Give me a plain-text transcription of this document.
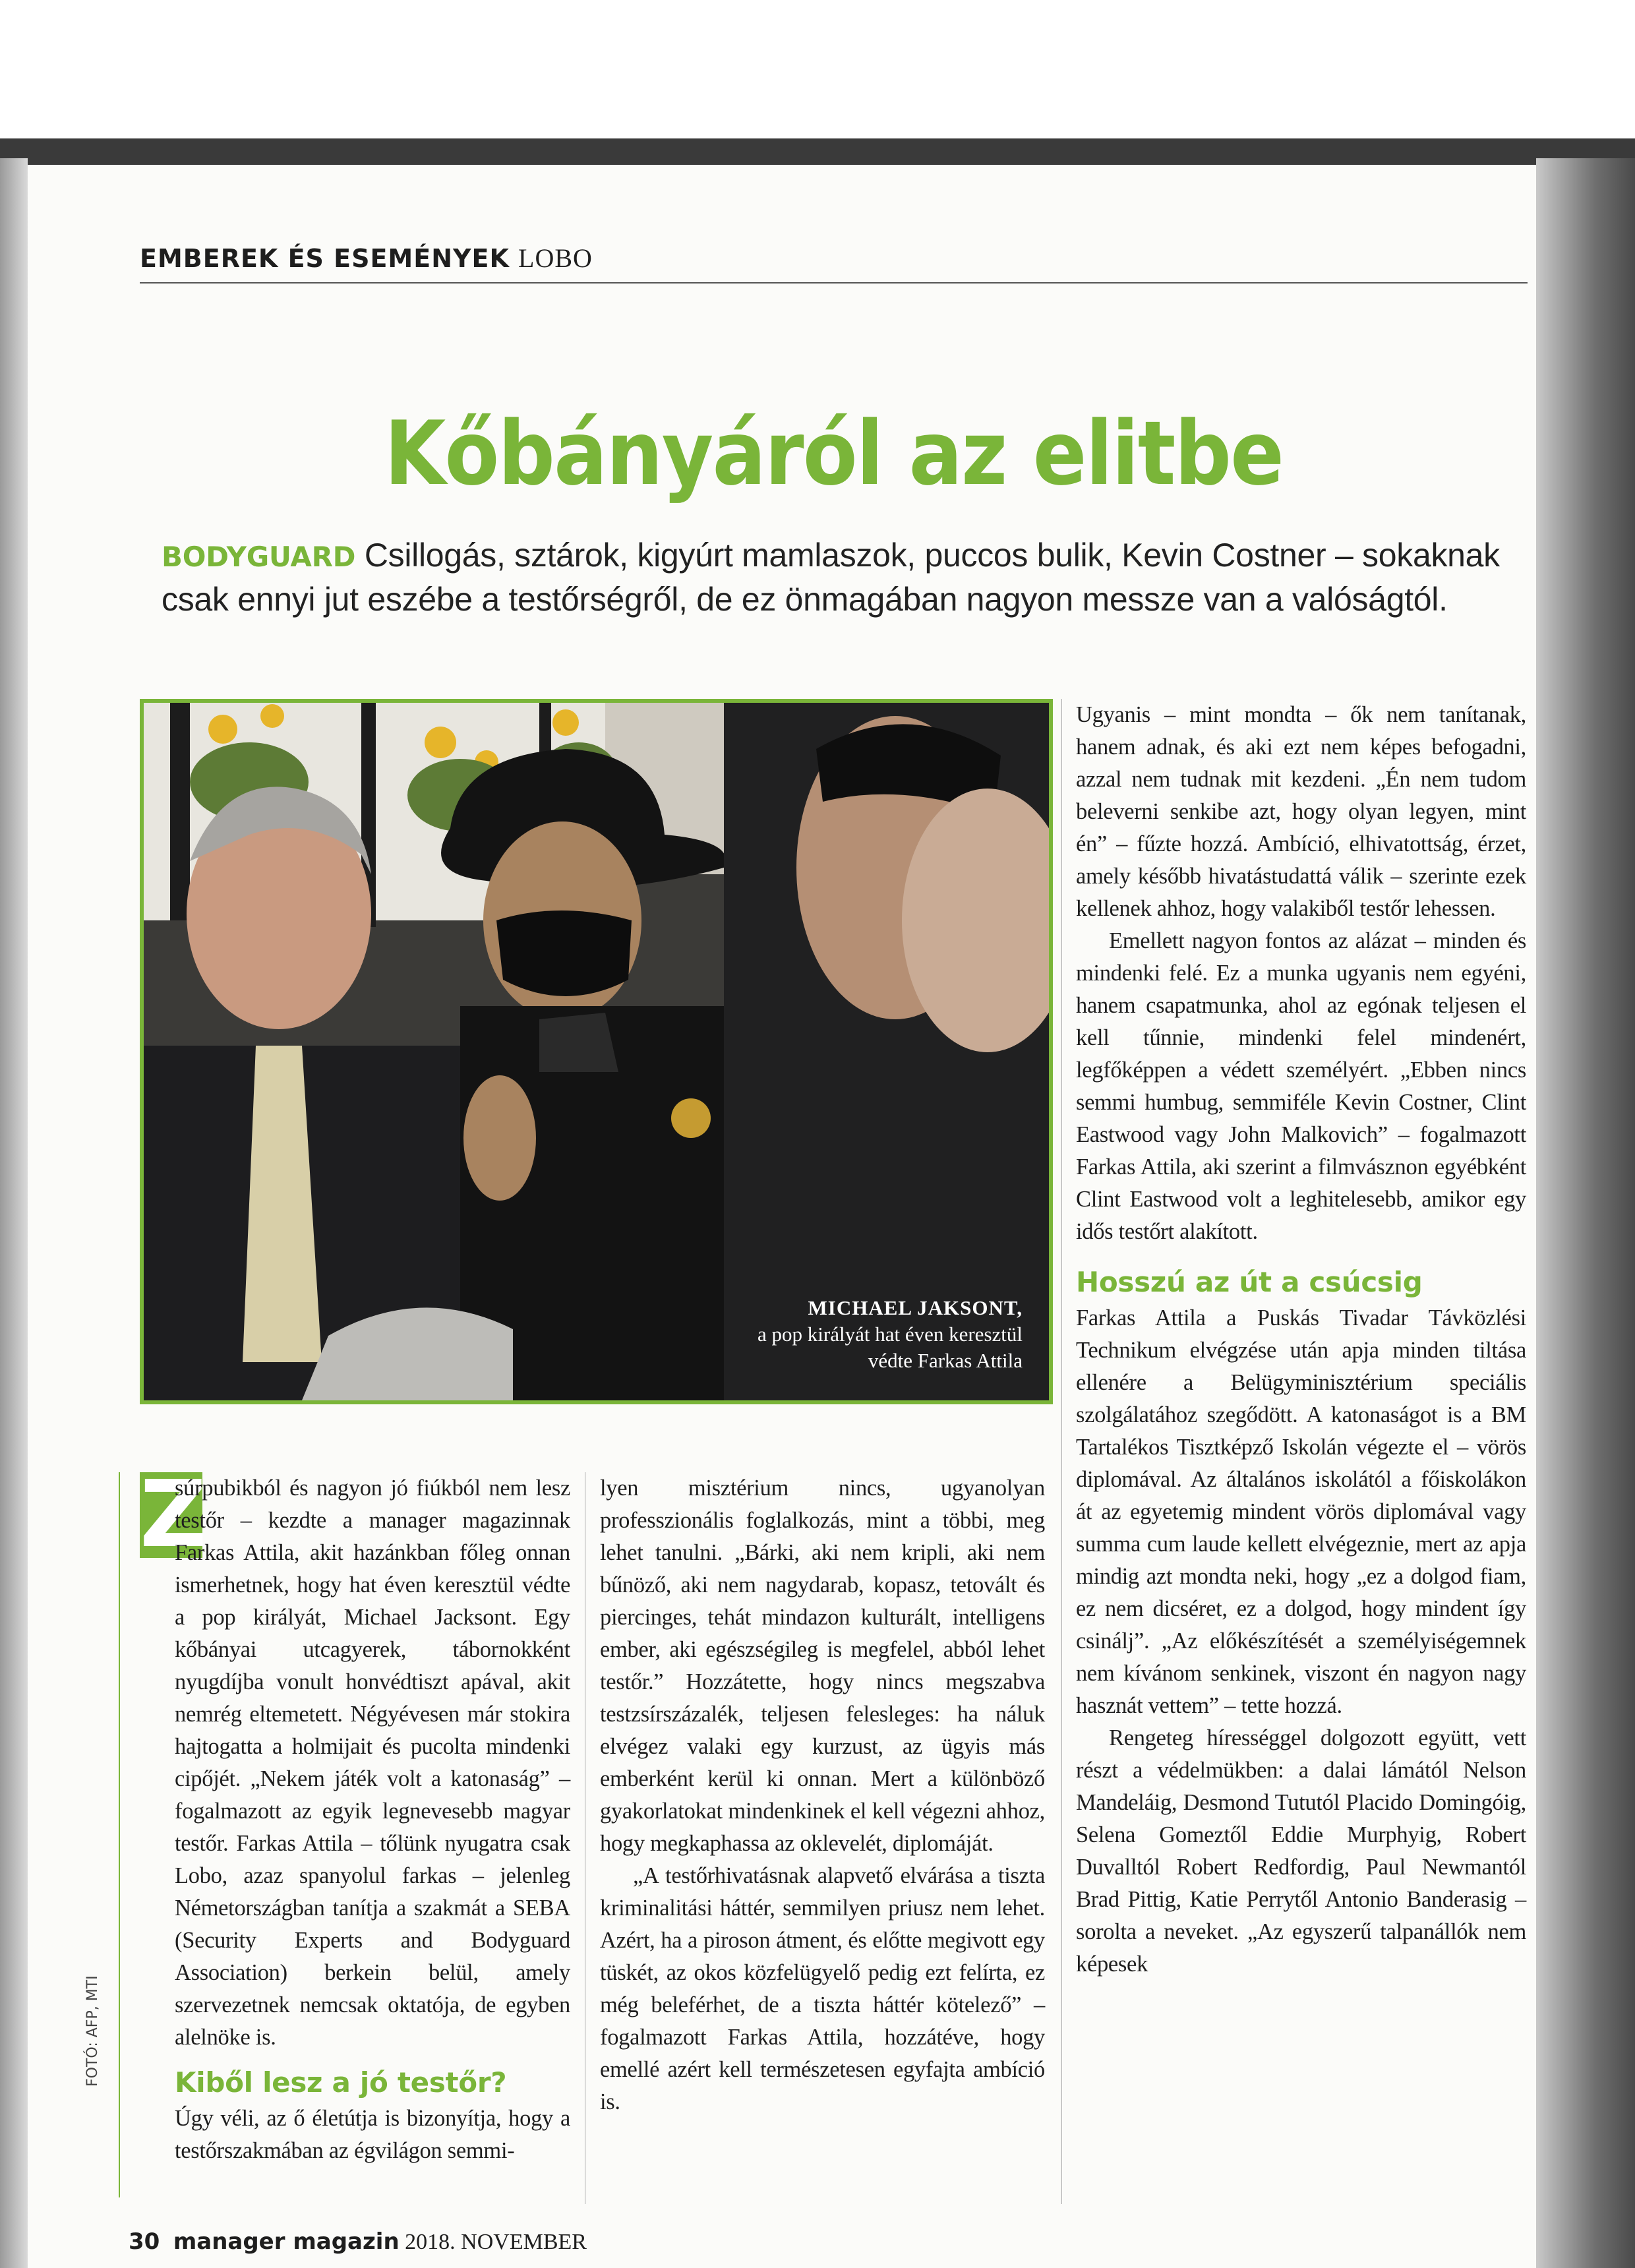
EMBEREK ÉS ESEMÉNYEK LOBO
Kőbányáról az elitbe
BODYGUARD Csillogás, sztárok, kigyúrt mamlaszok, puccos bulik, Kevin Costner – sokaknak csak ennyi jut eszébe a testőrségről, de ez önmagában nagyon messze van a valóságtól.
MICHAEL JAKSONT,
a pop királyát hat éven keresztül
védte Farkas Attila
FOTÓ: AFP, MTI
Z

súrpubikból és nagyon jó fiúkból nem lesz testőr – kezdte a manager magazinnak Farkas Attila, akit hazánkban főleg onnan ismerhetnek, hogy hat éven keresztül védte a pop királyát, Michael Jacksont. Egy kőbányai utcagyerek, tábornokként nyugdíjba vonult honvédtiszt apával, akit nemrég eltemetett. Négyévesen már stokira hajtogatta a holmijait és pucolta mindenki cipőjét. „Nekem játék volt a katonaság” – fogalmazott az egyik legnevesebb magyar testőr. Farkas Attila – tőlünk nyugatra csak Lobo, azaz spanyolul farkas – jelenleg Németországban tanítja a szakmát a SEBA (Security Experts and Bodyguard Association) berkein belül, amely szervezetnek nemcsak oktatója, de egyben alelnöke is.

Kiből lesz a jó testőr?

Úgy véli, az ő életútja is bizonyítja, hogy a testőrszakmában az égvilágon semmi-

lyen misztérium nincs, ugyanolyan professzionális foglalkozás, mint a többi, meg lehet tanulni. „Bárki, aki nem kripli, aki nem bűnöző, aki nem nagydarab, kopasz, tetovált és piercinges, tehát mindazon kulturált, intelligens ember, aki egészségileg is megfelel, abból lehet testőr.” Hozzátette, hogy nincs megszabva testzsírszázalék, teljesen felesleges: ha náluk elvégez valaki egy kurzust, az ügyis más emberként kerül ki onnan. Mert a különböző gyakorlatokat mindenkinek el kell végezni ahhoz, hogy megkaphassa az oklevelét, diplomáját.

„A testőrhivatásnak alapvető elvárása a tiszta kriminalitási háttér, semmilyen priusz nem lehet. Azért, ha a piroson átment, és előtte megivott egy tüskét, az okos közfelügyelő pedig ezt felírta, ez még beleférhet, de a tiszta háttér kötelező” – fogalmazott Farkas Attila, hozzátéve, hogy emellé azért kell természetesen egyfajta ambíció is.

Ugyanis – mint mondta – ők nem tanítanak, hanem adnak, és aki ezt nem képes befogadni, azzal nem tudnak mit kezdeni. „Én nem tudom beleverni senkibe azt, hogy olyan legyen, mint én” – fűzte hozzá. Ambíció, elhivatottság, érzet, amely később hivatástudattá válik – szerinte ezek kellenek ahhoz, hogy valakiből testőr lehessen.

Emellett nagyon fontos az alázat – minden és mindenki felé. Ez a munka ugyanis nem egyéni, hanem csapatmunka, ahol az egónak teljesen el kell tűnnie, mindenki felel mindenért, legfőképpen a védett személyért. „Ebben nincs semmi humbug, semmiféle Kevin Costner, Clint Eastwood vagy John Malkovich” – fogalmazott Farkas Attila, aki szerint a filmvásznon egyébként Clint Eastwood volt a leghitelesebb, amikor egy idős testőrt alakított.

Hosszú az út a csúcsig

Farkas Attila a Puskás Tivadar Távközlési Technikum elvégzése után apja minden tiltása ellenére a Belügyminisztérium speciális szolgálatához szegődött. A katonaságot is a BM Tartalékos Tisztképző Iskolán végezte el – vörös diplomával. Az általános iskolától a főiskolákon át az egyetemig mindent vörös diplomával vagy summa cum laude kellett elvégeznie, mert az apja mindig azt mondta neki, hogy „ez a dolgod fiam, ez nem dicséret, ez a dolgod, hogy mindent így csinálj”. „Az előkészítését a személyiségemnek nem kívánom senkinek, viszont én nagyon nagy hasznát vettem” – tette hozzá.

Rengeteg hírességgel dolgozott együtt, vett részt a védelmükben: a dalai lámától Nelson Mandeláig, Desmond Tututól Placido Domingóig, Selena Gomeztől Eddie Murphyig, Robert Duvalltól Robert Redfordig, Paul Newmantól Brad Pittig, Katie Perrytől Antonio Banderasig – sorolta a neveket. „Az egyszerű talpanállók nem képesek

30 manager magazin 2018. NOVEMBER
